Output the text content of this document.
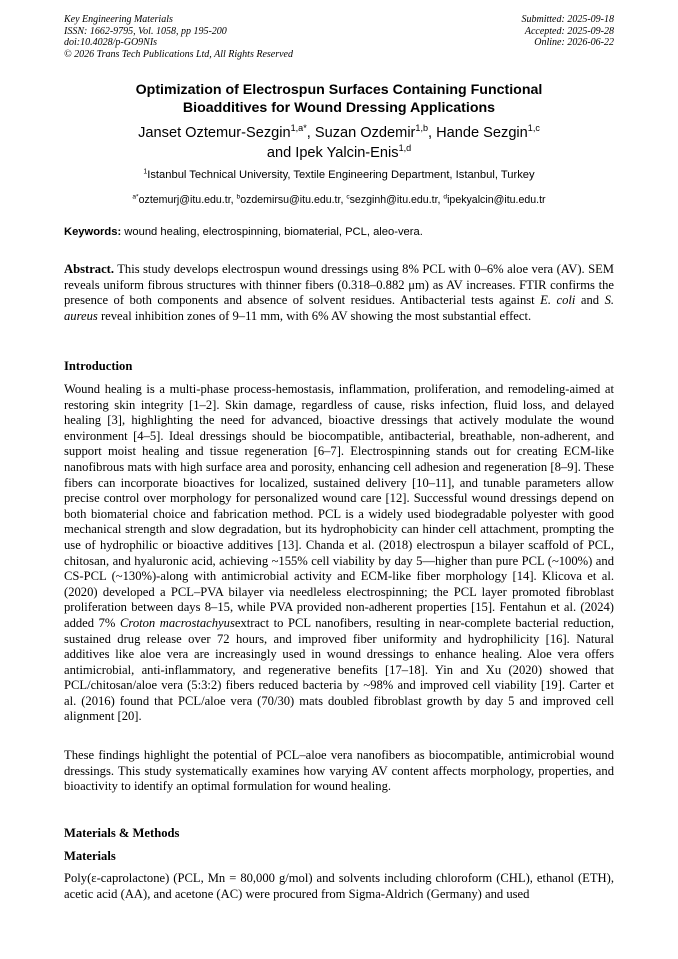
Key Engineering Materials
ISSN: 1662-9795, Vol. 1058, pp 195-200
doi:10.4028/p-GO9NIs
© 2026 Trans Tech Publications Ltd, All Rights Reserved
Submitted: 2025-09-18
Accepted: 2025-09-28
Online: 2026-06-22
Optimization of Electrospun Surfaces Containing Functional
Bioadditives for Wound Dressing Applications
Janset Oztemur-Sezgin$^{1,a*}$, Suzan Ozdemir$^{1,b}$, Hande Sezgin$^{1,c}$
and Ipek Yalcin-Enis$^{1,d}$
$^1$Istanbul Technical University, Textile Engineering Department, Istanbul, Turkey
$^{a*}$oztemurj@itu.edu.tr, $^b$ozdemirsu@itu.edu.tr, $^c$sezginh@itu.edu.tr, $^d$ipekyalcin@itu.edu.tr
Keywords: wound healing, electrospinning, biomaterial, PCL, aleo-vera.
Abstract. This study develops electrospun wound dressings using 8% PCL with 0–6% aloe vera (AV). SEM reveals uniform fibrous structures with thinner fibers (0.318–0.882 μm) as AV increases. FTIR confirms the presence of both components and absence of solvent residues. Antibacterial tests against E. coli and S. aureus reveal inhibition zones of 9–11 mm, with 6% AV showing the most substantial effect.
Introduction
Wound healing is a multi-phase process-hemostasis, inflammation, proliferation, and remodeling-aimed at restoring skin integrity [1–2]. Skin damage, regardless of cause, risks infection, fluid loss, and delayed healing [3], highlighting the need for advanced, bioactive dressings that actively modulate the wound environment [4–5]. Ideal dressings should be biocompatible, antibacterial, breathable, non-adherent, and support moist healing and tissue regeneration [6–7]. Electrospinning stands out for creating ECM-like nanofibrous mats with high surface area and porosity, enhancing cell adhesion and regeneration [8–9]. These fibers can incorporate bioactives for localized, sustained delivery [10–11], and tunable parameters allow precise control over morphology for personalized wound care [12]. Successful wound dressings depend on both biomaterial choice and fabrication method. PCL is a widely used biodegradable polyester with good mechanical strength and slow degradation, but its hydrophobicity can hinder cell attachment, prompting the use of hydrophilic or bioactive additives [13]. Chanda et al. (2018) electrospun a bilayer scaffold of PCL, chitosan, and hyaluronic acid, achieving ~155% cell viability by day 5—higher than pure PCL (~100%) and CS-PCL (~130%)-along with antimicrobial activity and ECM-like fiber morphology [14]. Klicova et al. (2020) developed a PCL–PVA bilayer via needleless electrospinning; the PCL layer promoted fibroblast proliferation between days 8–15, while PVA provided non-adherent properties [15]. Fentahun et al. (2024) added 7% Croton macrostachyusextract to PCL nanofibers, resulting in near-complete bacterial reduction, sustained drug release over 72 hours, and improved fiber uniformity and hydrophilicity [16]. Natural additives like aloe vera are increasingly used in wound dressings to enhance healing. Aloe vera offers antimicrobial, anti-inflammatory, and regenerative benefits [17–18]. Yin and Xu (2020) showed that PCL/chitosan/aloe vera (5:3:2) fibers reduced bacteria by ~98% and improved cell viability [19]. Carter et al. (2016) found that PCL/aloe vera (70/30) mats doubled fibroblast growth by day 5 and improved cell alignment [20].
These findings highlight the potential of PCL–aloe vera nanofibers as biocompatible, antimicrobial wound dressings. This study systematically examines how varying AV content affects morphology, properties, and bioactivity to identify an optimal formulation for wound healing.
Materials & Methods
Materials
Poly(ε-caprolactone) (PCL, Mn = 80,000 g/mol) and solvents including chloroform (CHL), ethanol (ETH), acetic acid (AA), and acetone (AC) were procured from Sigma-Aldrich (Germany) and used
